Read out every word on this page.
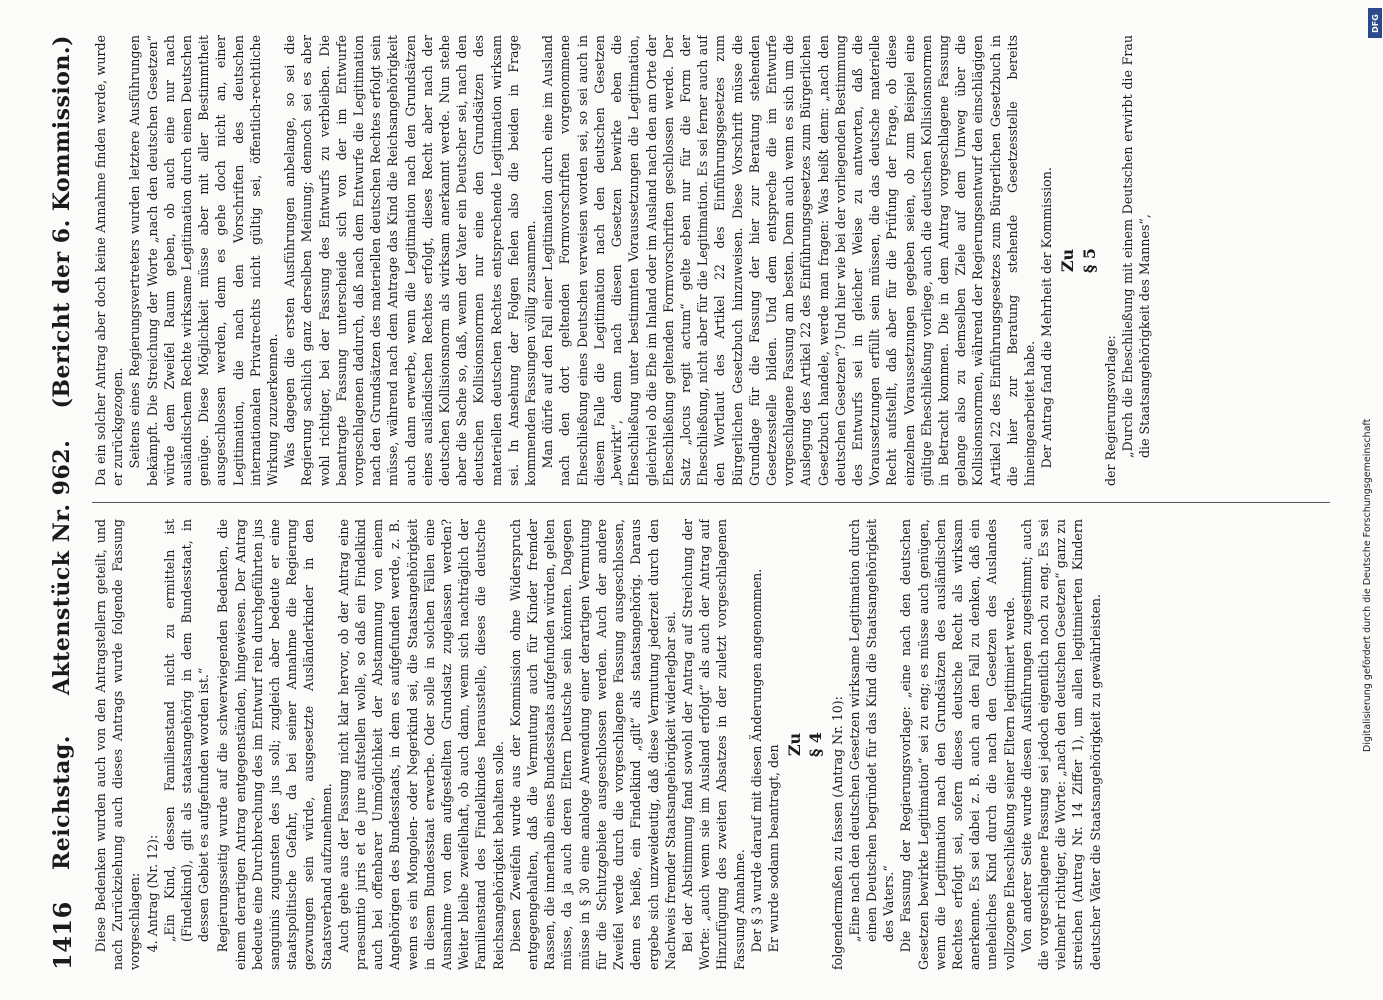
1416
Reichstag.
Aktenstück Nr. 962.
(Bericht der 6. Kommission.)

Diese Bedenken wurden auch von den Antragstellern geteilt, und nach Zurückziehung auch dieses Antrags wurde folgende Fassung vorgeschlagen: 4. Antrag (Nr. 12): „Ein Kind, dessen Familienstand nicht zu ermitteln ist (Findelkind), gilt als staatsangehörig in dem Bundesstaat, in dessen Gebiet es aufgefunden worden ist.“ Regierungsseitig wurde auf die schwerwiegenden Bedenken, die einem derartigen Antrag entgegenständen, hingewiesen. Der Antrag bedeute eine Durchbrechung des im Entwurf rein durchgeführten jus sanguinis zugunsten des jus soli; zugleich aber bedeute er eine staatspolitische Gefahr, da bei seiner Annahme die Regierung gezwungen sein würde, ausgesetzte Ausländerkinder in den Staatsverband aufzunehmen. Auch gehe aus der Fassung nicht klar hervor, ob der Antrag eine praesumtio juris et de jure aufstellen wolle, so daß ein Findelkind auch bei offenbarer Unmöglichkeit der Abstammung von einem Angehörigen des Bundesstaats, in dem es aufgefunden werde, z. B. wenn es ein Mongolen- oder Negerkind sei, die Staatsangehörigkeit in diesem Bundesstaat erwerbe. Oder solle in solchen Fällen eine Ausnahme von dem aufgestellten Grundsatz zugelassen werden? Weiter bleibe zweifelhaft, ob auch dann, wenn sich nachträglich der Familienstand des Findelkindes herausstelle, dieses die deutsche Reichsangehörigkeit behalten solle. Diesen Zweifeln wurde aus der Kommission ohne Widerspruch entgegengehalten, daß die Vermutung auch für Kinder fremder Rassen, die innerhalb eines Bundesstaats aufgefunden würden, gelten müsse, da ja auch deren Eltern Deutsche sein könnten. Dagegen müsse in § 30 eine analoge Anwendung einer derartigen Vermutung für die Schutzgebiete ausgeschlossen werden. Auch der andere Zweifel werde durch die vorgeschlagene Fassung ausgeschlossen, denn es heiße, ein Findelkind „gilt“ als staatsangehörig. Daraus ergebe sich unzweideutig, daß diese Vermutung jederzeit durch den Nachweis fremder Staatsangehörigkeit widerlegbar sei. Bei der Abstimmung fand sowohl der Antrag auf Streichung der Worte: „auch wenn sie im Ausland erfolgt“ als auch der Antrag auf Hinzufügung des zweiten Absatzes in der zuletzt vorgeschlagenen Fassung Annahme. Der § 3 wurde darauf mit diesen Änderungen angenommen. Er wurde sodann beantragt, den Zu § 4 folgendermaßen zu fassen (Antrag Nr. 10): „Eine nach den deutschen Gesetzen wirksame Legitimation durch einen Deutschen begründet für das Kind die Staatsangehörigkeit des Vaters.“ Die Fassung der Regierungsvorlage: „eine nach den deutschen Gesetzen bewirkte Legitimation“ sei zu eng; es müsse auch genügen, wenn die Legitimation nach den Grundsätzen des ausländischen Rechtes erfolgt sei, sofern dieses deutsche Recht als wirksam anerkenne. Es sei dabei z. B. auch an den Fall zu denken, daß ein uneheliches Kind durch die nach den Gesetzen des Auslandes vollzogene Eheschließung seiner Eltern legitimiert werde. Von anderer Seite wurde diesen Ausführungen zugestimmt; auch die vorgeschlagene Fassung sei jedoch eigentlich noch zu eng. Es sei vielmehr richtiger, die Worte: „nach den deutschen Gesetzen“ ganz zu streichen (Antrag Nr. 14 Ziffer 1), um allen legitimierten Kindern deutscher Väter die Staatsangehörigkeit zu gewährleisten.

Da ein solcher Antrag aber doch keine Annahme finden werde, wurde er zurückgezogen. Seitens eines Regierungsvertreters wurden letztere Ausführungen bekämpft. Die Streichung der Worte „nach den deutschen Gesetzen“ würde dem Zweifel Raum geben, ob auch eine nur nach ausländischem Rechte wirksame Legitimation durch einen Deutschen genüge. Diese Möglichkeit müsse aber mit aller Bestimmtheit ausgeschlossen werden, denn es gehe doch nicht an, einer Legitimation, die nach den Vorschriften des deutschen internationalen Privatrechts nicht gültig sei, öffentlich-rechtliche Wirkung zuzuerkennen. Was dagegen die ersten Ausführungen anbelange, so sei die Regierung sachlich ganz derselben Meinung; dennoch sei es aber wohl richtiger, bei der Fassung des Entwurfs zu verbleiben. Die beantragte Fassung unterscheide sich von der im Entwurfe vorgeschlagenen dadurch, daß nach dem Entwurfe die Legitimation nach den Grundsätzen des materiellen deutschen Rechtes erfolgt sein müsse, während nach dem Antrage das Kind die Reichsangehörigkeit auch dann erwerbe, wenn die Legitimation nach den Grundsätzen eines ausländischen Rechtes erfolgt, dieses Recht aber nach der deutschen Kollisionsnorm als wirksam anerkannt werde. Nun stehe aber die Sache so, daß, wenn der Vater ein Deutscher sei, nach den deutschen Kollisionsnormen nur eine den Grundsätzen des materiellen deutschen Rechtes entsprechende Legitimation wirksam sei. In Ansehung der Folgen fielen also die beiden in Frage kommenden Fassungen völlig zusammen. Man dürfe auf den Fall einer Legitimation durch eine im Ausland nach den dort geltenden Formvorschriften vorgenommene Eheschließung eines Deutschen verweisen worden sei, so sei auch in diesem Falle die Legitimation nach den deutschen Gesetzen „bewirkt“, denn nach diesen Gesetzen bewirke eben die Eheschließung unter bestimmten Voraussetzungen die Legitimation, gleichviel ob die Ehe im Inland oder im Ausland nach den am Orte der Eheschließung geltenden Formvorschriften geschlossen werde. Der Satz „locus regit actum“ gelte eben nur für die Form der Eheschließung, nicht aber für die Legitimation. Es sei ferner auch auf den Wortlaut des Artikel 22 des Einführungsgesetzes zum Bürgerlichen Gesetzbuch hinzuweisen. Diese Vorschrift müsse die Grundlage für die Fassung der hier zur Beratung stehenden Gesetzesstelle bilden. Und dem entspreche die im Entwurfe vorgeschlagene Fassung am besten. Denn auch wenn es sich um die Auslegung des Artikel 22 des Einführungsgesetzes zum Bürgerlichen Gesetzbuch handele, werde man fragen: Was heißt denn: „nach den deutschen Gesetzen“? Und hier wie bei der vorliegenden Bestimmung des Entwurfs sei in gleicher Weise zu antworten, daß die Voraussetzungen erfüllt sein müssen, die das deutsche materielle Recht aufstellt, daß aber für die Prüfung der Frage, ob diese einzelnen Voraussetzungen gegeben seien, ob zum Beispiel eine gültige Eheschließung vorliege, auch die deutschen Kollisionsnormen in Betracht kommen. Die in dem Antrag vorgeschlagene Fassung gelange also zu demselben Ziele auf dem Umweg über die Kollisionsnormen, während der Regierungsentwurf den einschlägigen Artikel 22 des Einführungsgesetzes zum Bürgerlichen Gesetzbuch in die hier zur Beratung stehende Gesetzesstelle bereits hineingearbeitet habe. Der Antrag fand die Mehrheit der Kommission. Zu § 5

der Regierungsvorlage: „Durch die Eheschließung mit einem Deutschen erwirbt die Frau die Staatsangehörigkeit des Mannes“,

DFG
Digitalisierung gefördert durch die Deutsche Forschungsgemeinschaft
